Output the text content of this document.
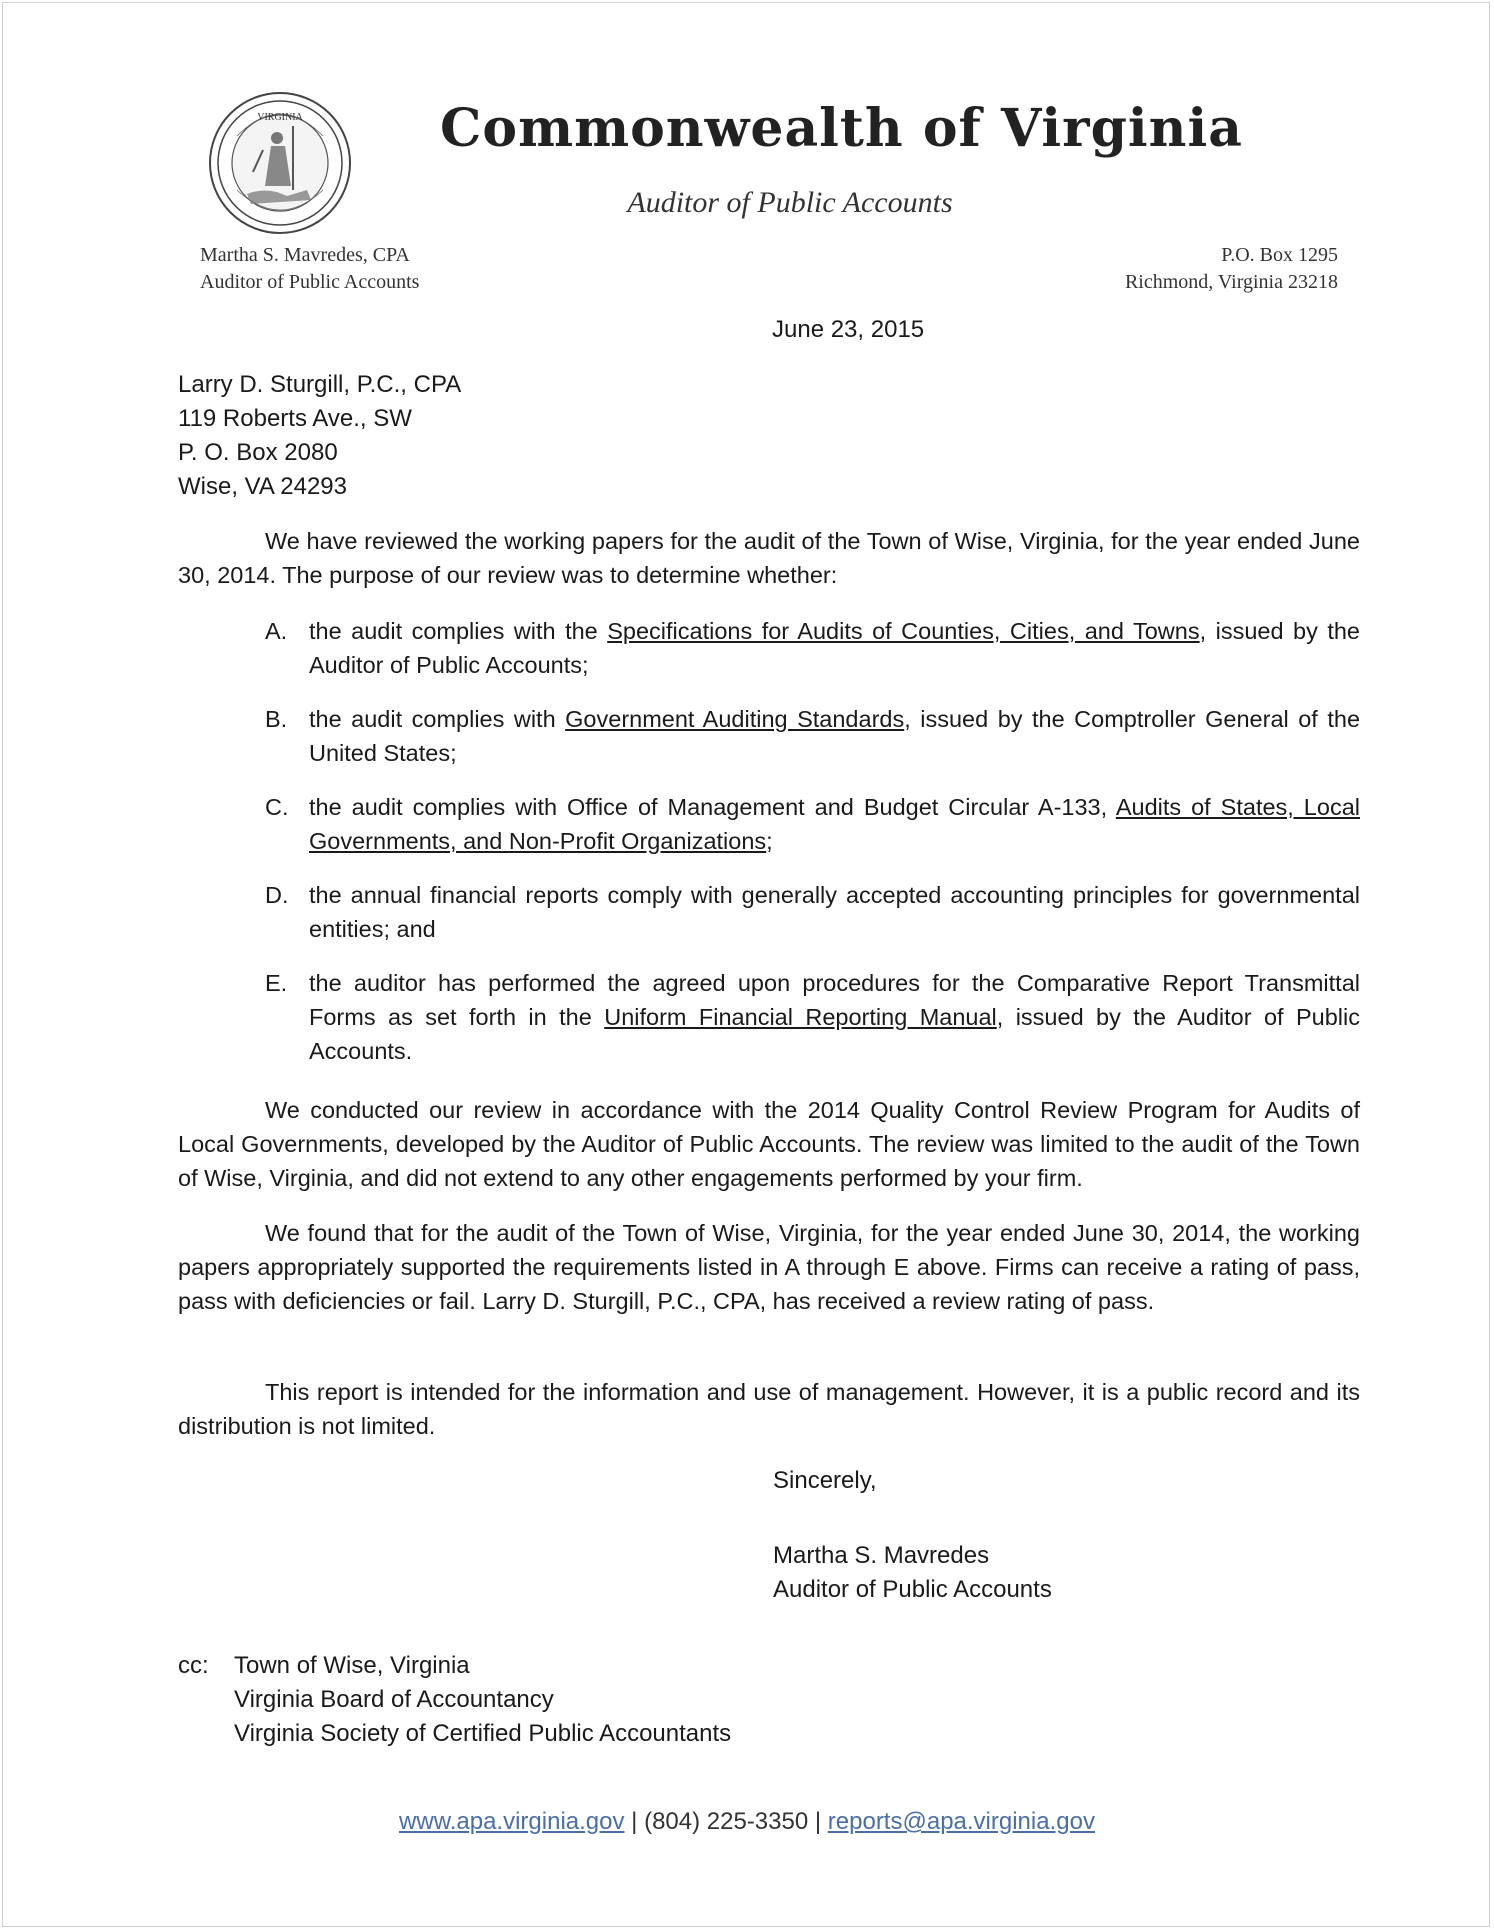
VIRGINIA	Commonwealth of Virginia
Auditor of Public Accounts
Martha S. Mavredes, CPA
Auditor of Public Accounts
P.O. Box 1295
Richmond, Virginia 23218
June 23, 2015
Larry D. Sturgill, P.C., CPA
119 Roberts Ave., SW
P. O. Box 2080
Wise, VA 24293

We have reviewed the working papers for the audit of the Town of Wise, Virginia, for the year ended June 30, 2014. The purpose of our review was to determine whether:

A. the audit complies with the Specifications for Audits of Counties, Cities, and Towns, issued by the Auditor of Public Accounts;
B. the audit complies with Government Auditing Standards, issued by the Comptroller General of the United States;
C. the audit complies with Office of Management and Budget Circular A-133, Audits of States, Local Governments, and Non-Profit Organizations;
D. the annual financial reports comply with generally accepted accounting principles for governmental entities; and
E. the auditor has performed the agreed upon procedures for the Comparative Report Transmittal Forms as set forth in the Uniform Financial Reporting Manual, issued by the Auditor of Public Accounts.

We conducted our review in accordance with the 2014 Quality Control Review Program for Audits of Local Governments, developed by the Auditor of Public Accounts. The review was limited to the audit of the Town of Wise, Virginia, and did not extend to any other engagements performed by your firm.

We found that for the audit of the Town of Wise, Virginia, for the year ended June 30, 2014, the working papers appropriately supported the requirements listed in A through E above. Firms can receive a rating of pass, pass with deficiencies or fail. Larry D. Sturgill, P.C., CPA, has received a review rating of pass.

This report is intended for the information and use of management. However, it is a public record and its distribution is not limited.

Sincerely,
Martha S. Mavredes
Auditor of Public Accounts
cc: Town of Wise, Virginia
Virginia Board of Accountancy
Virginia Society of Certified Public Accountants
www.apa.virginia.gov | (804) 225-3350 | reports@apa.virginia.gov
